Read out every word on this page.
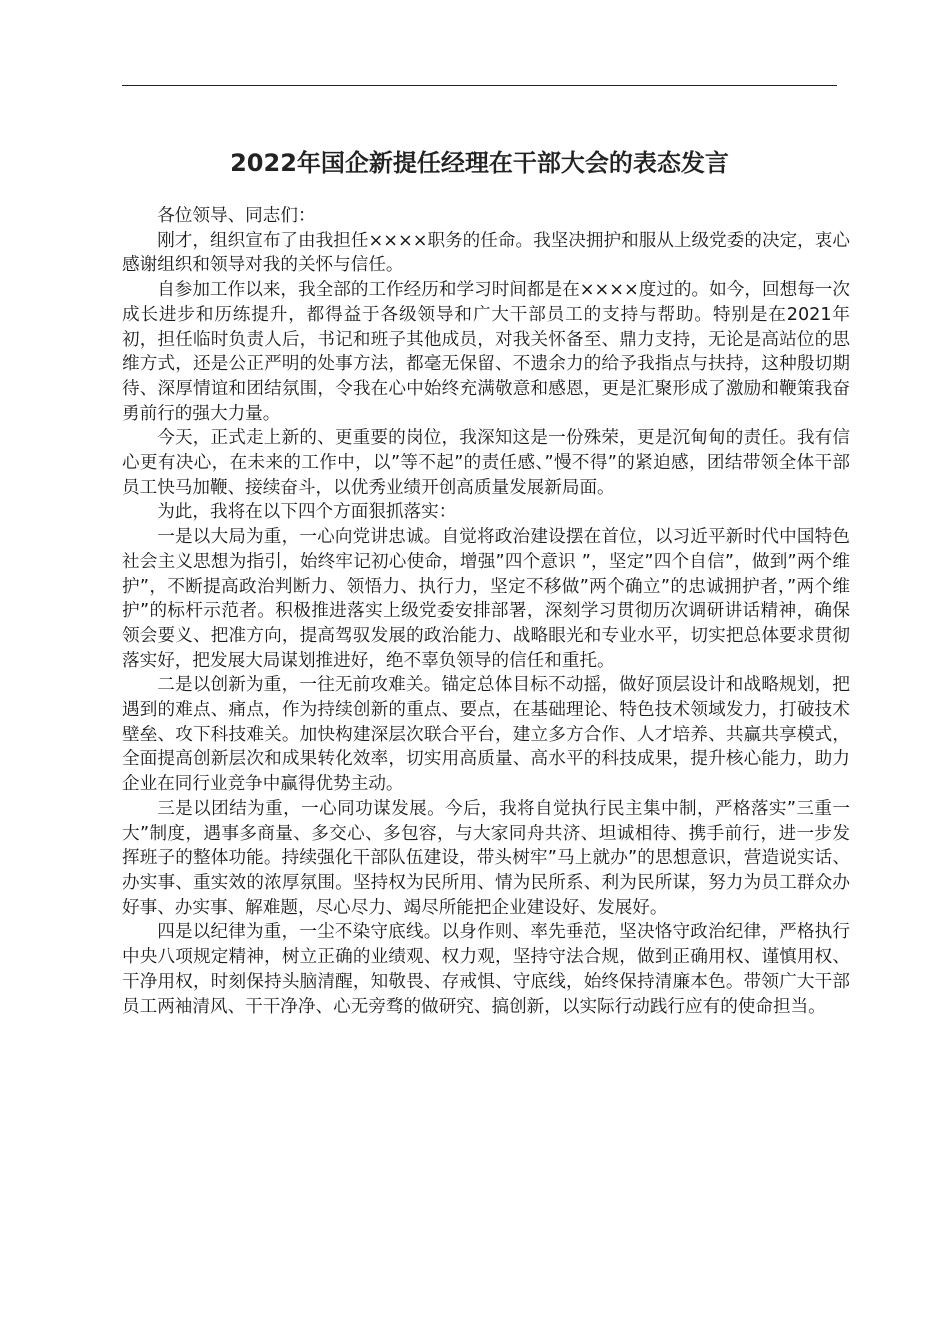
2022年国企新提任经理在干部大会的表态发言

各位领导、同志们：

刚才，组织宣布了由我担任××××职务的任命。我坚决拥护和服从上级党委的决定，衷心感谢组织和领导对我的关怀与信任。

自参加工作以来，我全部的工作经历和学习时间都是在××××度过的。如今，回想每一次成长进步和历练提升，都得益于各级领导和广大干部员工的支持与帮助。特别是在2021年初，担任临时负责人后，书记和班子其他成员，对我关怀备至、鼎力支持，无论是高站位的思维方式，还是公正严明的处事方法，都毫无保留、不遗余力的给予我指点与扶持，这种殷切期待、深厚情谊和团结氛围，令我在心中始终充满敬意和感恩，更是汇聚形成了激励和鞭策我奋勇前行的强大力量。

今天，正式走上新的、更重要的岗位，我深知这是一份殊荣，更是沉甸甸的责任。我有信心更有决心，在未来的工作中，以”等不起”的责任感、”慢不得”的紧迫感，团结带领全体干部员工快马加鞭、接续奋斗，以优秀业绩开创高质量发展新局面。

为此，我将在以下四个方面狠抓落实：

一是以大局为重，一心向党讲忠诚。自觉将政治建设摆在首位，以习近平新时代中国特色社会主义思想为指引，始终牢记初心使命，增强”四个意识 ”，坚定”四个自信”，做到”两个维护”，不断提高政治判断力、领悟力、执行力，坚定不移做”两个确立”的忠诚拥护者，”两个维护”的标杆示范者。积极推进落实上级党委安排部署，深刻学习贯彻历次调研讲话精神，确保领会要义、把准方向，提高驾驭发展的政治能力、战略眼光和专业水平，切实把总体要求贯彻落实好，把发展大局谋划推进好，绝不辜负领导的信任和重托。

二是以创新为重，一往无前攻难关。锚定总体目标不动摇，做好顶层设计和战略规划，把遇到的难点、痛点，作为持续创新的重点、要点，在基础理论、特色技术领域发力，打破技术壁垒、攻下科技难关。加快构建深层次联合平台，建立多方合作、人才培养、共赢共享模式，全面提高创新层次和成果转化效率，切实用高质量、高水平的科技成果，提升核心能力，助力企业在同行业竞争中赢得优势主动。

三是以团结为重，一心同功谋发展。今后，我将自觉执行民主集中制，严格落实”三重一大”制度，遇事多商量、多交心、多包容，与大家同舟共济、坦诚相待、携手前行，进一步发挥班子的整体功能。持续强化干部队伍建设，带头树牢”马上就办”的思想意识，营造说实话、办实事、重实效的浓厚氛围。坚持权为民所用、情为民所系、利为民所谋，努力为员工群众办好事、办实事、解难题，尽心尽力、竭尽所能把企业建设好、发展好。

四是以纪律为重，一尘不染守底线。以身作则、率先垂范，坚决恪守政治纪律，严格执行中央八项规定精神，树立正确的业绩观、权力观，坚持守法合规，做到正确用权、谨慎用权、干净用权，时刻保持头脑清醒，知敬畏、存戒惧、守底线，始终保持清廉本色。带领广大干部员工两袖清风、干干净净、心无旁骛的做研究、搞创新，以实际行动践行应有的使命担当。
